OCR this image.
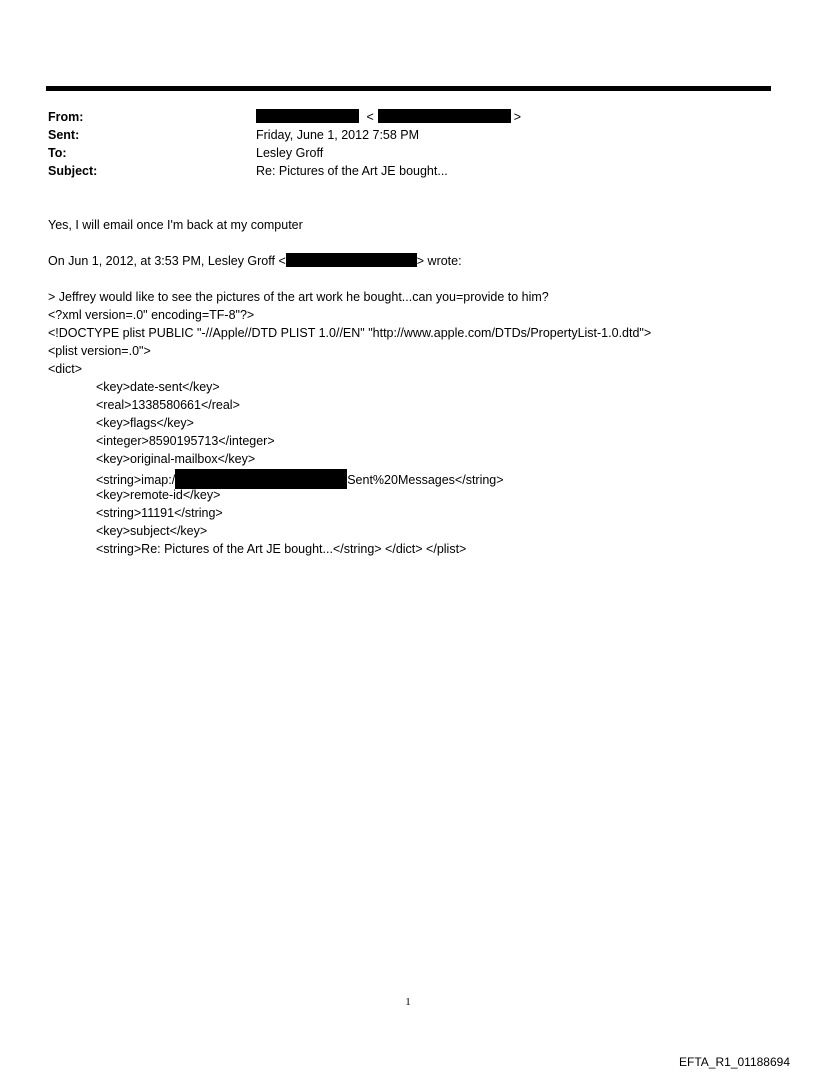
From:	<	>
Sent:	Friday, June 1, 2012 7:58 PM
To:	Lesley Groff
Subject:	Re: Pictures of the Art JE bought...
Yes, I will email once I'm back at my computer
On Jun 1, 2012, at 3:53 PM, Lesley Groff <	> wrote:
> Jeffrey would like to see the pictures of the art work he bought...can you=provide to him?
<?xml version=.0" encoding=TF-8"?>
<!DOCTYPE plist PUBLIC "-//Apple//DTD PLIST 1.0//EN" "http://www.apple.com/DTDs/PropertyList-1.0.dtd">
<plist version=.0">
<dict>
<key>date-sent</key>
<real>1338580661</real>
<key>flags</key>
<integer>8590195713</integer>
<key>original-mailbox</key>
<string>imap:/	Sent%20Messages</string>
<key>remote-id</key>
<string>11191</string>
<key>subject</key>
<string>Re: Pictures of the Art JE bought...</string> </dict> </plist>
1
EFTA_R1_01188694
